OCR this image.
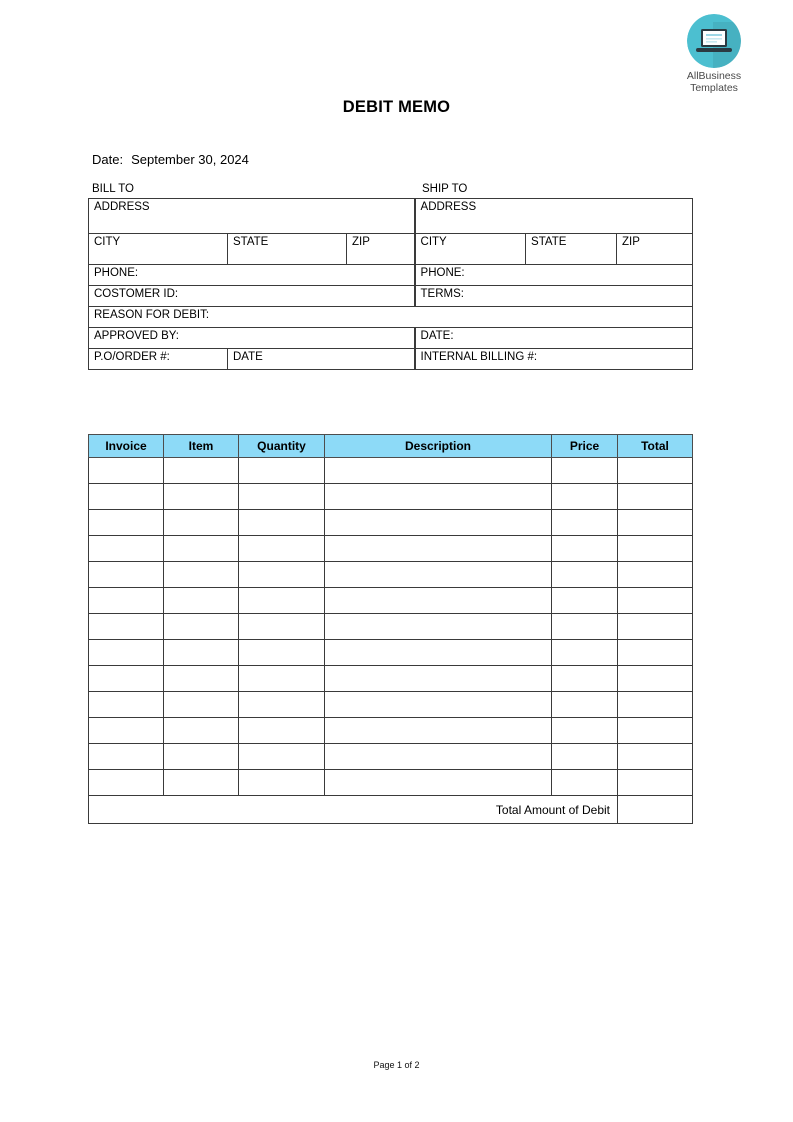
AllBusiness
Templates
DEBIT MEMO
Date: September 30, 2024
BILL TO	SHIP TO
ADDRESS			ADDRESS		
CITY	STATE	ZIP	CITY	STATE	ZIP
PHONE:			PHONE:		
COSTOMER ID:			TERMS:		
REASON FOR DEBIT:					
APPROVED BY:			DATE:		
P.O/ORDER #:	DATE		INTERNAL BILLING #:		
Invoice	Item	Quantity	Description	Price	Total

Total Amount of Debit					
Page 1 of 2
